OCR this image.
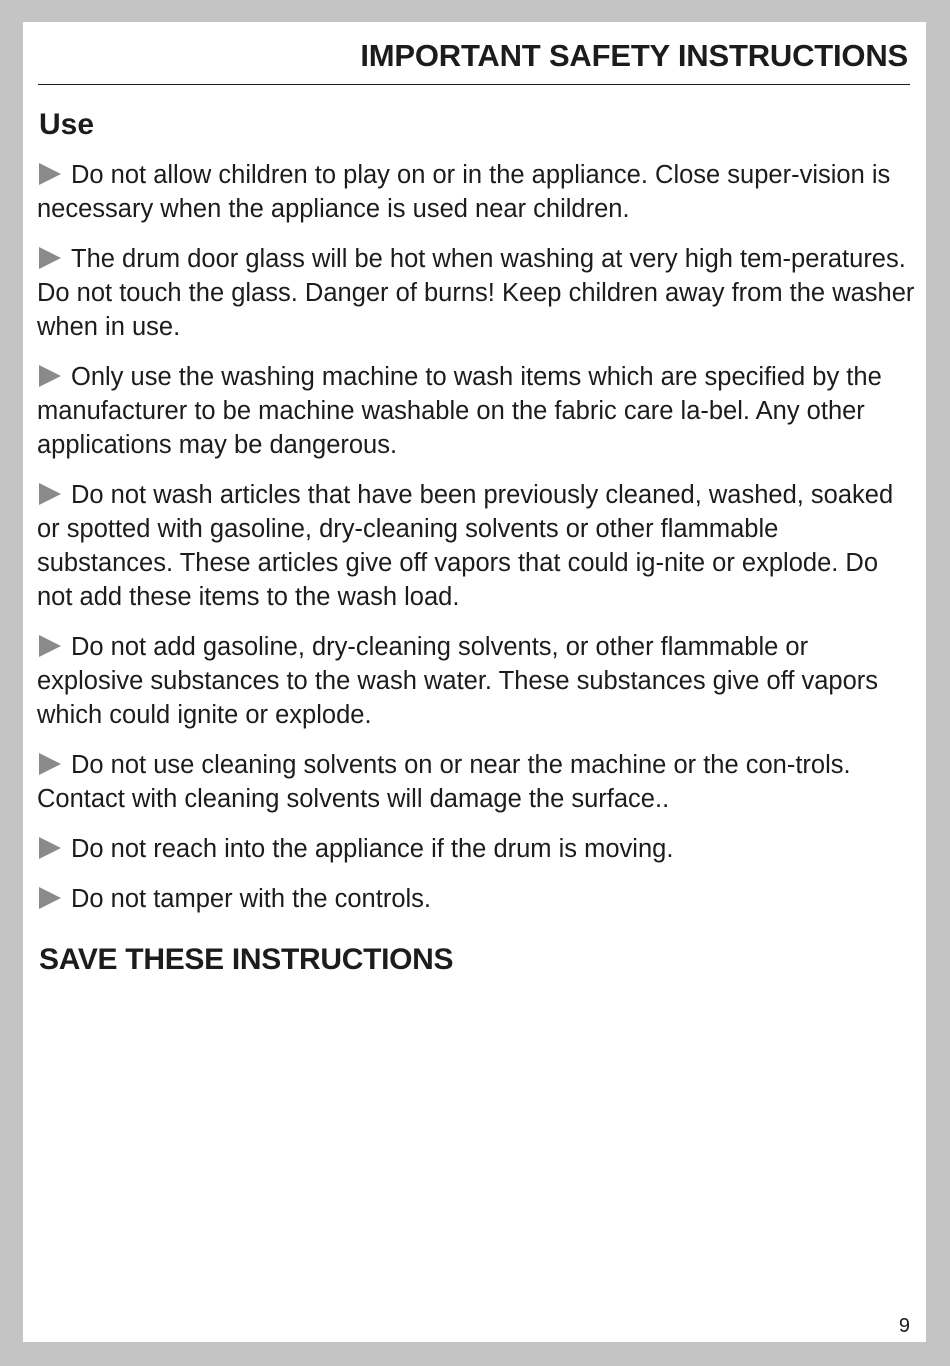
IMPORTANT SAFETY INSTRUCTIONS
Use
Do not allow children to play on or in the appliance. Close super-vision is necessary when the appliance is used near children.
The drum door glass will be hot when washing at very high tem-peratures. Do not touch the glass. Danger of burns! Keep children away from the washer when in use.
Only use the washing machine to wash items which are specified by the manufacturer to be machine washable on the fabric care la-bel. Any other applications may be dangerous.
Do not wash articles that have been previously cleaned, washed, soaked or spotted with gasoline, dry-cleaning solvents or other flammable substances. These articles give off vapors that could ig-nite or explode. Do not add these items to the wash load.
Do not add gasoline, dry-cleaning solvents, or other flammable or explosive substances to the wash water. These substances give off vapors which could ignite or explode.
Do not use cleaning solvents on or near the machine or the con-trols. Contact with cleaning solvents will damage the surface..
Do not reach into the appliance if the drum is moving.
Do not tamper with the controls.
SAVE THESE INSTRUCTIONS
9
